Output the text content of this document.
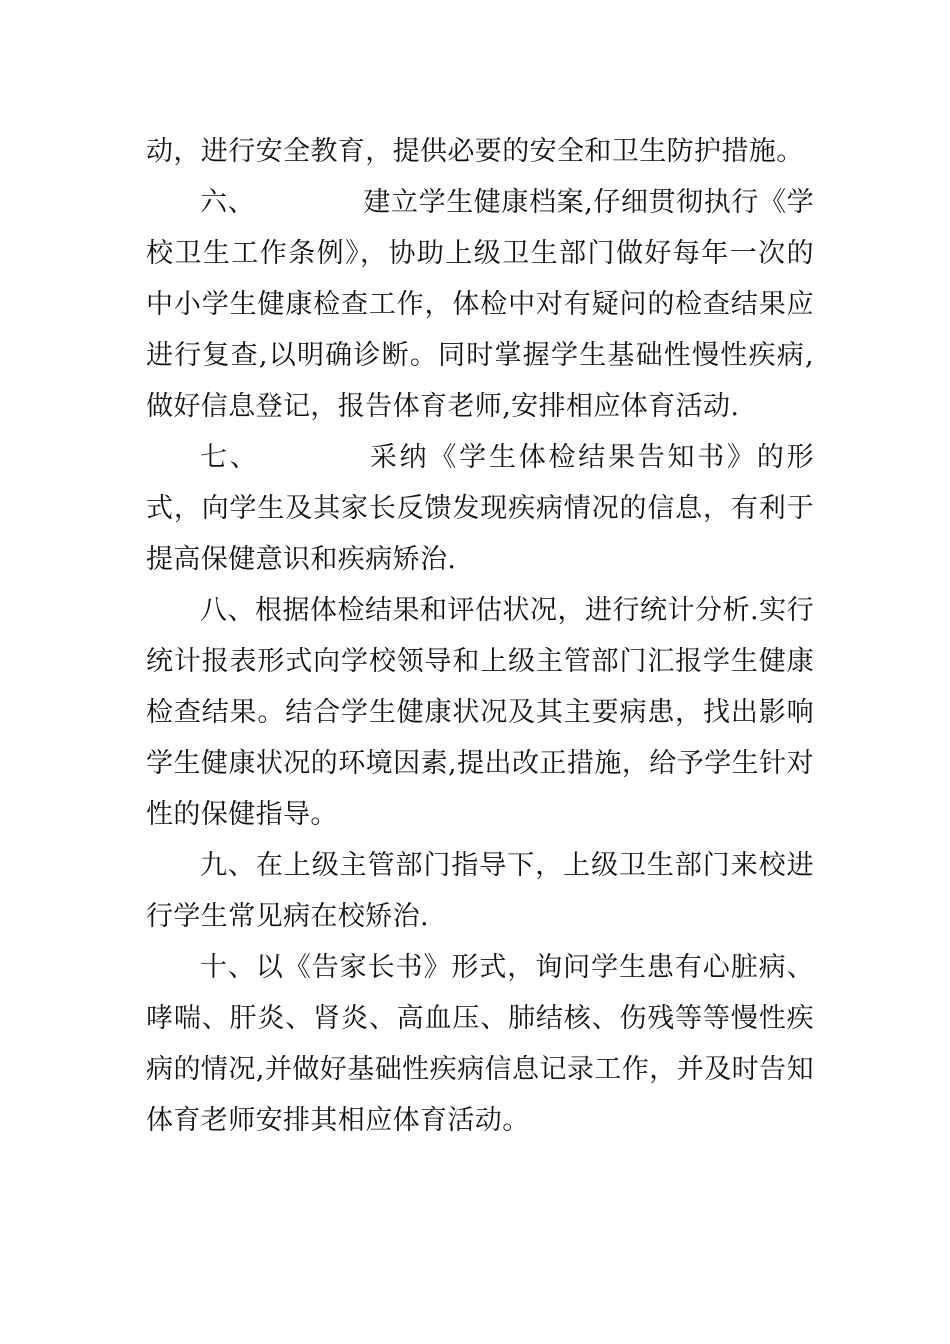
动，进行安全教育，提供必要的安全和卫生防护措施。

六、	建立学生健康档案,仔细贯彻执行《学校卫生工作条例》，协助上级卫生部门做好每年一次的中小学生健康检查工作，体检中对有疑问的检查结果应进行复查,以明确诊断。同时掌握学生基础性慢性疾病,做好信息登记，报告体育老师,安排相应体育活动.

七、	采纳《学生体检结果告知书》的形式，向学生及其家长反馈发现疾病情况的信息，有利于提高保健意识和疾病矫治.

八、根据体检结果和评估状况，进行统计分析.实行统计报表形式向学校领导和上级主管部门汇报学生健康检查结果。结合学生健康状况及其主要病患，找出影响学生健康状况的环境因素,提出改正措施，给予学生针对性的保健指导。

九、在上级主管部门指导下，上级卫生部门来校进行学生常见病在校矫治.

十、以《告家长书》形式，询问学生患有心脏病、哮喘、肝炎、肾炎、高血压、肺结核、伤残等等慢性疾病的情况,并做好基础性疾病信息记录工作，并及时告知体育老师安排其相应体育活动。
